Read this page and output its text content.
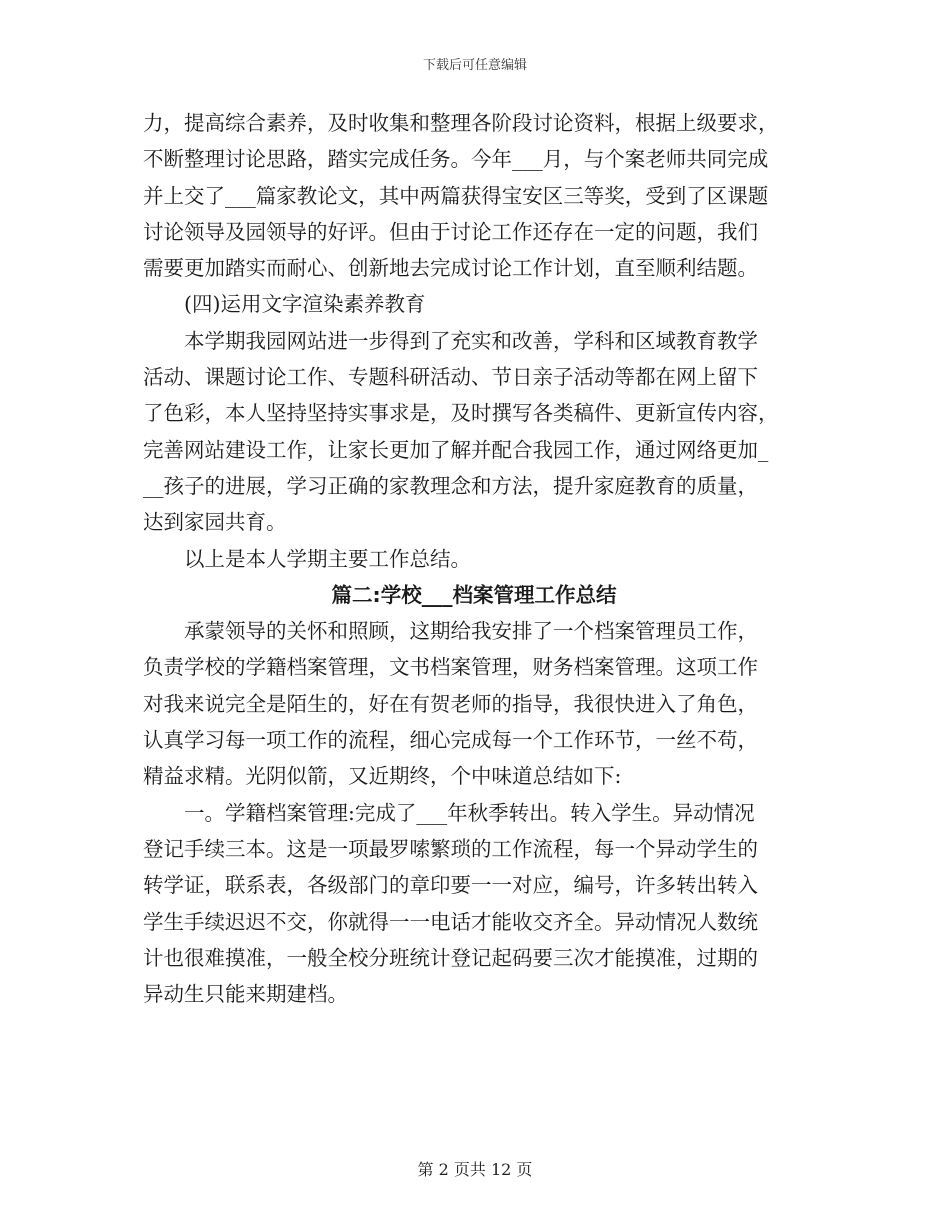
下载后可任意编辑
力，提高综合素养，及时收集和整理各阶段讨论资料，根据上级要求，
不断整理讨论思路，踏实完成任务。今年___月，与个案老师共同完成
并上交了___篇家教论文，其中两篇获得宝安区三等奖，受到了区课题
讨论领导及园领导的好评。但由于讨论工作还存在一定的问题，我们
需要更加踏实而耐心、创新地去完成讨论工作计划，直至顺利结题。
(四)运用文字渲染素养教育
本学期我园网站进一步得到了充实和改善，学科和区域教育教学
活动、课题讨论工作、专题科研活动、节日亲子活动等都在网上留下
了色彩，本人坚持坚持实事求是，及时撰写各类稿件、更新宣传内容，
完善网站建设工作，让家长更加了解并配合我园工作，通过网络更加_
__孩子的进展，学习正确的家教理念和方法，提升家庭教育的质量，
达到家园共育。
以上是本人学期主要工作总结。
篇二:学校___档案管理工作总结
承蒙领导的关怀和照顾，这期给我安排了一个档案管理员工作，
负责学校的学籍档案管理，文书档案管理，财务档案管理。这项工作
对我来说完全是陌生的，好在有贺老师的指导，我很快进入了角色，
认真学习每一项工作的流程，细心完成每一个工作环节，一丝不苟，
精益求精。光阴似箭，又近期终，个中味道总结如下:
一。学籍档案管理:完成了___年秋季转出。转入学生。异动情况
登记手续三本。这是一项最罗嗦繁琐的工作流程，每一个异动学生的
转学证，联系表，各级部门的章印要一一对应，编号，许多转出转入
学生手续迟迟不交，你就得一一电话才能收交齐全。异动情况人数统
计也很难摸准，一般全校分班统计登记起码要三次才能摸准，过期的
异动生只能来期建档。
第 2 页共 12 页
